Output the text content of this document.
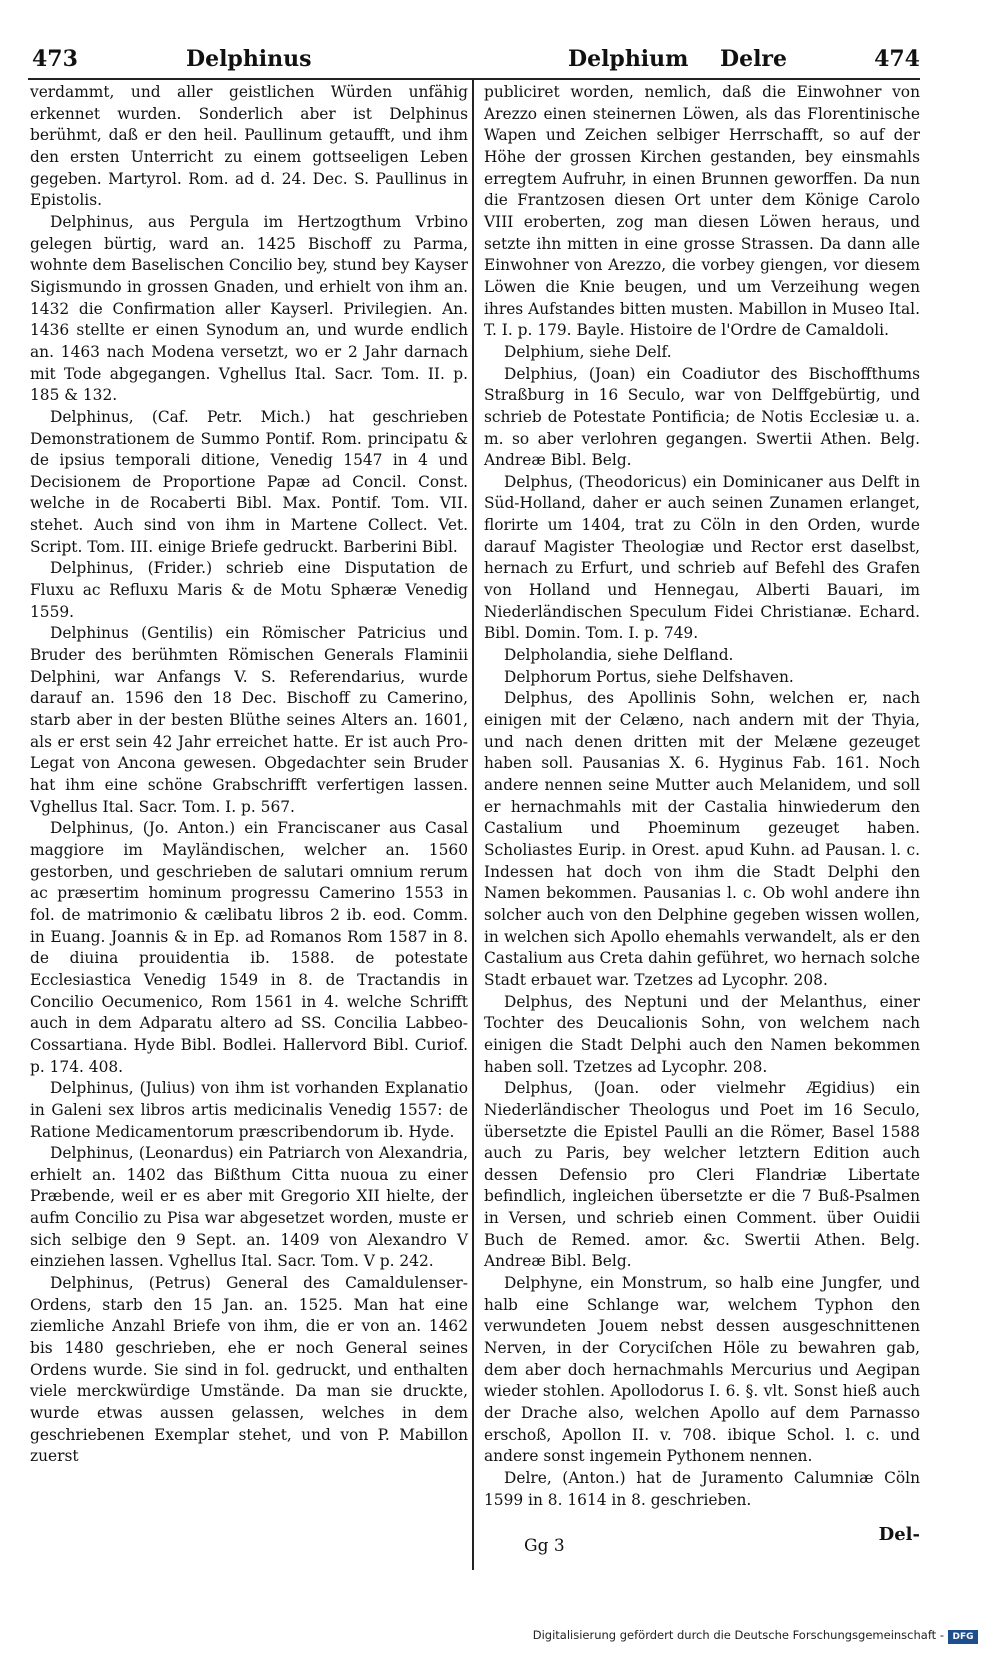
473	Delphinus	Delphium Delre	474

verdammt, und aller geistlichen Würden unfähig erkennet wurden. Sonderlich aber ist Delphinus berühmt, daß er den heil. Paullinum getaufft, und ihm den ersten Unterricht zu einem gottseeligen Leben gegeben. Martyrol. Rom. ad d. 24. Dec. S. Paullinus in Epistolis.

Delphinus, aus Pergula im Hertzogthum Vrbino gelegen bürtig, ward an. 1425 Bischoff zu Parma, wohnte dem Baselischen Concilio bey, stund bey Kayser Sigismundo in grossen Gnaden, und erhielt von ihm an. 1432 die Confirmation aller Kayserl. Privilegien. An. 1436 stellte er einen Synodum an, und wurde endlich an. 1463 nach Modena versetzt, wo er 2 Jahr darnach mit Tode abgegangen. Vghellus Ital. Sacr. Tom. II. p. 185 & 132.

Delphinus, (Caf. Petr. Mich.) hat geschrieben Demonstrationem de Summo Pontif. Rom. principatu & de ipsius temporali ditione, Venedig 1547 in 4 und Decisionem de Proportione Papæ ad Concil. Const. welche in de Rocaberti Bibl. Max. Pontif. Tom. VII. stehet. Auch sind von ihm in Martene Collect. Vet. Script. Tom. III. einige Briefe gedruckt. Barberini Bibl.

Delphinus, (Frider.) schrieb eine Disputation de Fluxu ac Refluxu Maris & de Motu Sphæræ Venedig 1559.

Delphinus (Gentilis) ein Römischer Patricius und Bruder des berühmten Römischen Generals Flaminii Delphini, war Anfangs V. S. Referendarius, wurde darauf an. 1596 den 18 Dec. Bischoff zu Camerino, starb aber in der besten Blüthe seines Alters an. 1601, als er erst sein 42 Jahr erreichet hatte. Er ist auch Pro-Legat von Ancona gewesen. Obgedachter sein Bruder hat ihm eine schöne Grabschrifft verfertigen lassen. Vghellus Ital. Sacr. Tom. I. p. 567.

Delphinus, (Jo. Anton.) ein Franciscaner aus Casal maggiore im Mayländischen, welcher an. 1560 gestorben, und geschrieben de salutari omnium rerum ac præsertim hominum progressu Camerino 1553 in fol. de matrimonio & cælibatu libros 2 ib. eod. Comm. in Euang. Joannis & in Ep. ad Romanos Rom 1587 in 8. de diuina prouidentia ib. 1588. de potestate Ecclesiastica Venedig 1549 in 8. de Tractandis in Concilio Oecumenico, Rom 1561 in 4. welche Schrifft auch in dem Adparatu altero ad SS. Concilia Labbeo-Cossartiana. Hyde Bibl. Bodlei. Hallervord Bibl. Curiof. p. 174. 408.

Delphinus, (Julius) von ihm ist vorhanden Explanatio in Galeni sex libros artis medicinalis Venedig 1557: de Ratione Medicamentorum præscribendorum ib. Hyde.

Delphinus, (Leonardus) ein Patriarch von Alexandria, erhielt an. 1402 das Bißthum Citta nuoua zu einer Præbende, weil er es aber mit Gregorio XII hielte, der aufm Concilio zu Pisa war abgesetzet worden, muste er sich selbige den 9 Sept. an. 1409 von Alexandro V einziehen lassen. Vghellus Ital. Sacr. Tom. V p. 242.

Delphinus, (Petrus) General des Camaldulenser-Ordens, starb den 15 Jan. an. 1525. Man hat eine ziemliche Anzahl Briefe von ihm, die er von an. 1462 bis 1480 geschrieben, ehe er noch General seines Ordens wurde. Sie sind in fol. gedruckt, und enthalten viele merckwürdige Umstände. Da man sie druckte, wurde etwas aussen gelassen, welches in dem geschriebenen Exemplar stehet, und von P. Mabillon zuerst

publiciret worden, nemlich, daß die Einwohner von Arezzo einen steinernen Löwen, als das Florentinische Wapen und Zeichen selbiger Herrschafft, so auf der Höhe der grossen Kirchen gestanden, bey einsmahls erregtem Aufruhr, in einen Brunnen geworffen. Da nun die Frantzosen diesen Ort unter dem Könige Carolo VIII eroberten, zog man diesen Löwen heraus, und setzte ihn mitten in eine grosse Strassen. Da dann alle Einwohner von Arezzo, die vorbey giengen, vor diesem Löwen die Knie beugen, und um Verzeihung wegen ihres Aufstandes bitten musten. Mabillon in Museo Ital. T. I. p. 179. Bayle. Histoire de l'Ordre de Camaldoli.

Delphium, siehe Delf.

Delphius, (Joan) ein Coadiutor des Bischoffthums Straßburg in 16 Seculo, war von Delffgebürtig, und schrieb de Potestate Pontificia; de Notis Ecclesiæ u. a. m. so aber verlohren gegangen. Swertii Athen. Belg. Andreæ Bibl. Belg.

Delphus, (Theodoricus) ein Dominicaner aus Delft in Süd-Holland, daher er auch seinen Zunamen erlanget, florirte um 1404, trat zu Cöln in den Orden, wurde darauf Magister Theologiæ und Rector erst daselbst, hernach zu Erfurt, und schrieb auf Befehl des Grafen von Holland und Hennegau, Alberti Bauari, im Niederländischen Speculum Fidei Christianæ. Echard. Bibl. Domin. Tom. I. p. 749.

Delpholandia, siehe Delfland.

Delphorum Portus, siehe Delfshaven.

Delphus, des Apollinis Sohn, welchen er, nach einigen mit der Celæno, nach andern mit der Thyia, und nach denen dritten mit der Melæne gezeuget haben soll. Pausanias X. 6. Hyginus Fab. 161. Noch andere nennen seine Mutter auch Melanidem, und soll er hernachmahls mit der Castalia hinwiederum den Castalium und Phoeminum gezeuget haben. Scholiastes Eurip. in Orest. apud Kuhn. ad Pausan. l. c. Indessen hat doch von ihm die Stadt Delphi den Namen bekommen. Pausanias l. c. Ob wohl andere ihn solcher auch von den Delphine gegeben wissen wollen, in welchen sich Apollo ehemahls verwandelt, als er den Castalium aus Creta dahin geführet, wo hernach solche Stadt erbauet war. Tzetzes ad Lycophr. 208.

Delphus, des Neptuni und der Melanthus, einer Tochter des Deucalionis Sohn, von welchem nach einigen die Stadt Delphi auch den Namen bekommen haben soll. Tzetzes ad Lycophr. 208.

Delphus, (Joan. oder vielmehr Ægidius) ein Niederländischer Theologus und Poet im 16 Seculo, übersetzte die Epistel Paulli an die Römer, Basel 1588 auch zu Paris, bey welcher letztern Edition auch dessen Defensio pro Cleri Flandriæ Libertate befindlich, ingleichen übersetzte er die 7 Buß-Psalmen in Versen, und schrieb einen Comment. über Ouidii Buch de Remed. amor. &c. Swertii Athen. Belg. Andreæ Bibl. Belg.

Delphyne, ein Monstrum, so halb eine Jungfer, und halb eine Schlange war, welchem Typhon den verwundeten Jouem nebst dessen ausgeschnittenen Nerven, in der Coryciſchen Höle zu bewahren gab, dem aber doch hernachmahls Mercurius und Aegipan wieder stohlen. Apollodorus I. 6. §. vlt. Sonst hieß auch der Drache also, welchen Apollo auf dem Parnasso erschoß, Apollon II. v. 708. ibique Schol. l. c. und andere sonst ingemein Pythonem nennen.

Delre, (Anton.) hat de Juramento Calumniæ Cöln 1599 in 8. 1614 in 8. geschrieben.

Gg 3
Del-
Digitalisierung gefördert durch die Deutsche Forschungsgemeinschaft - DFG
